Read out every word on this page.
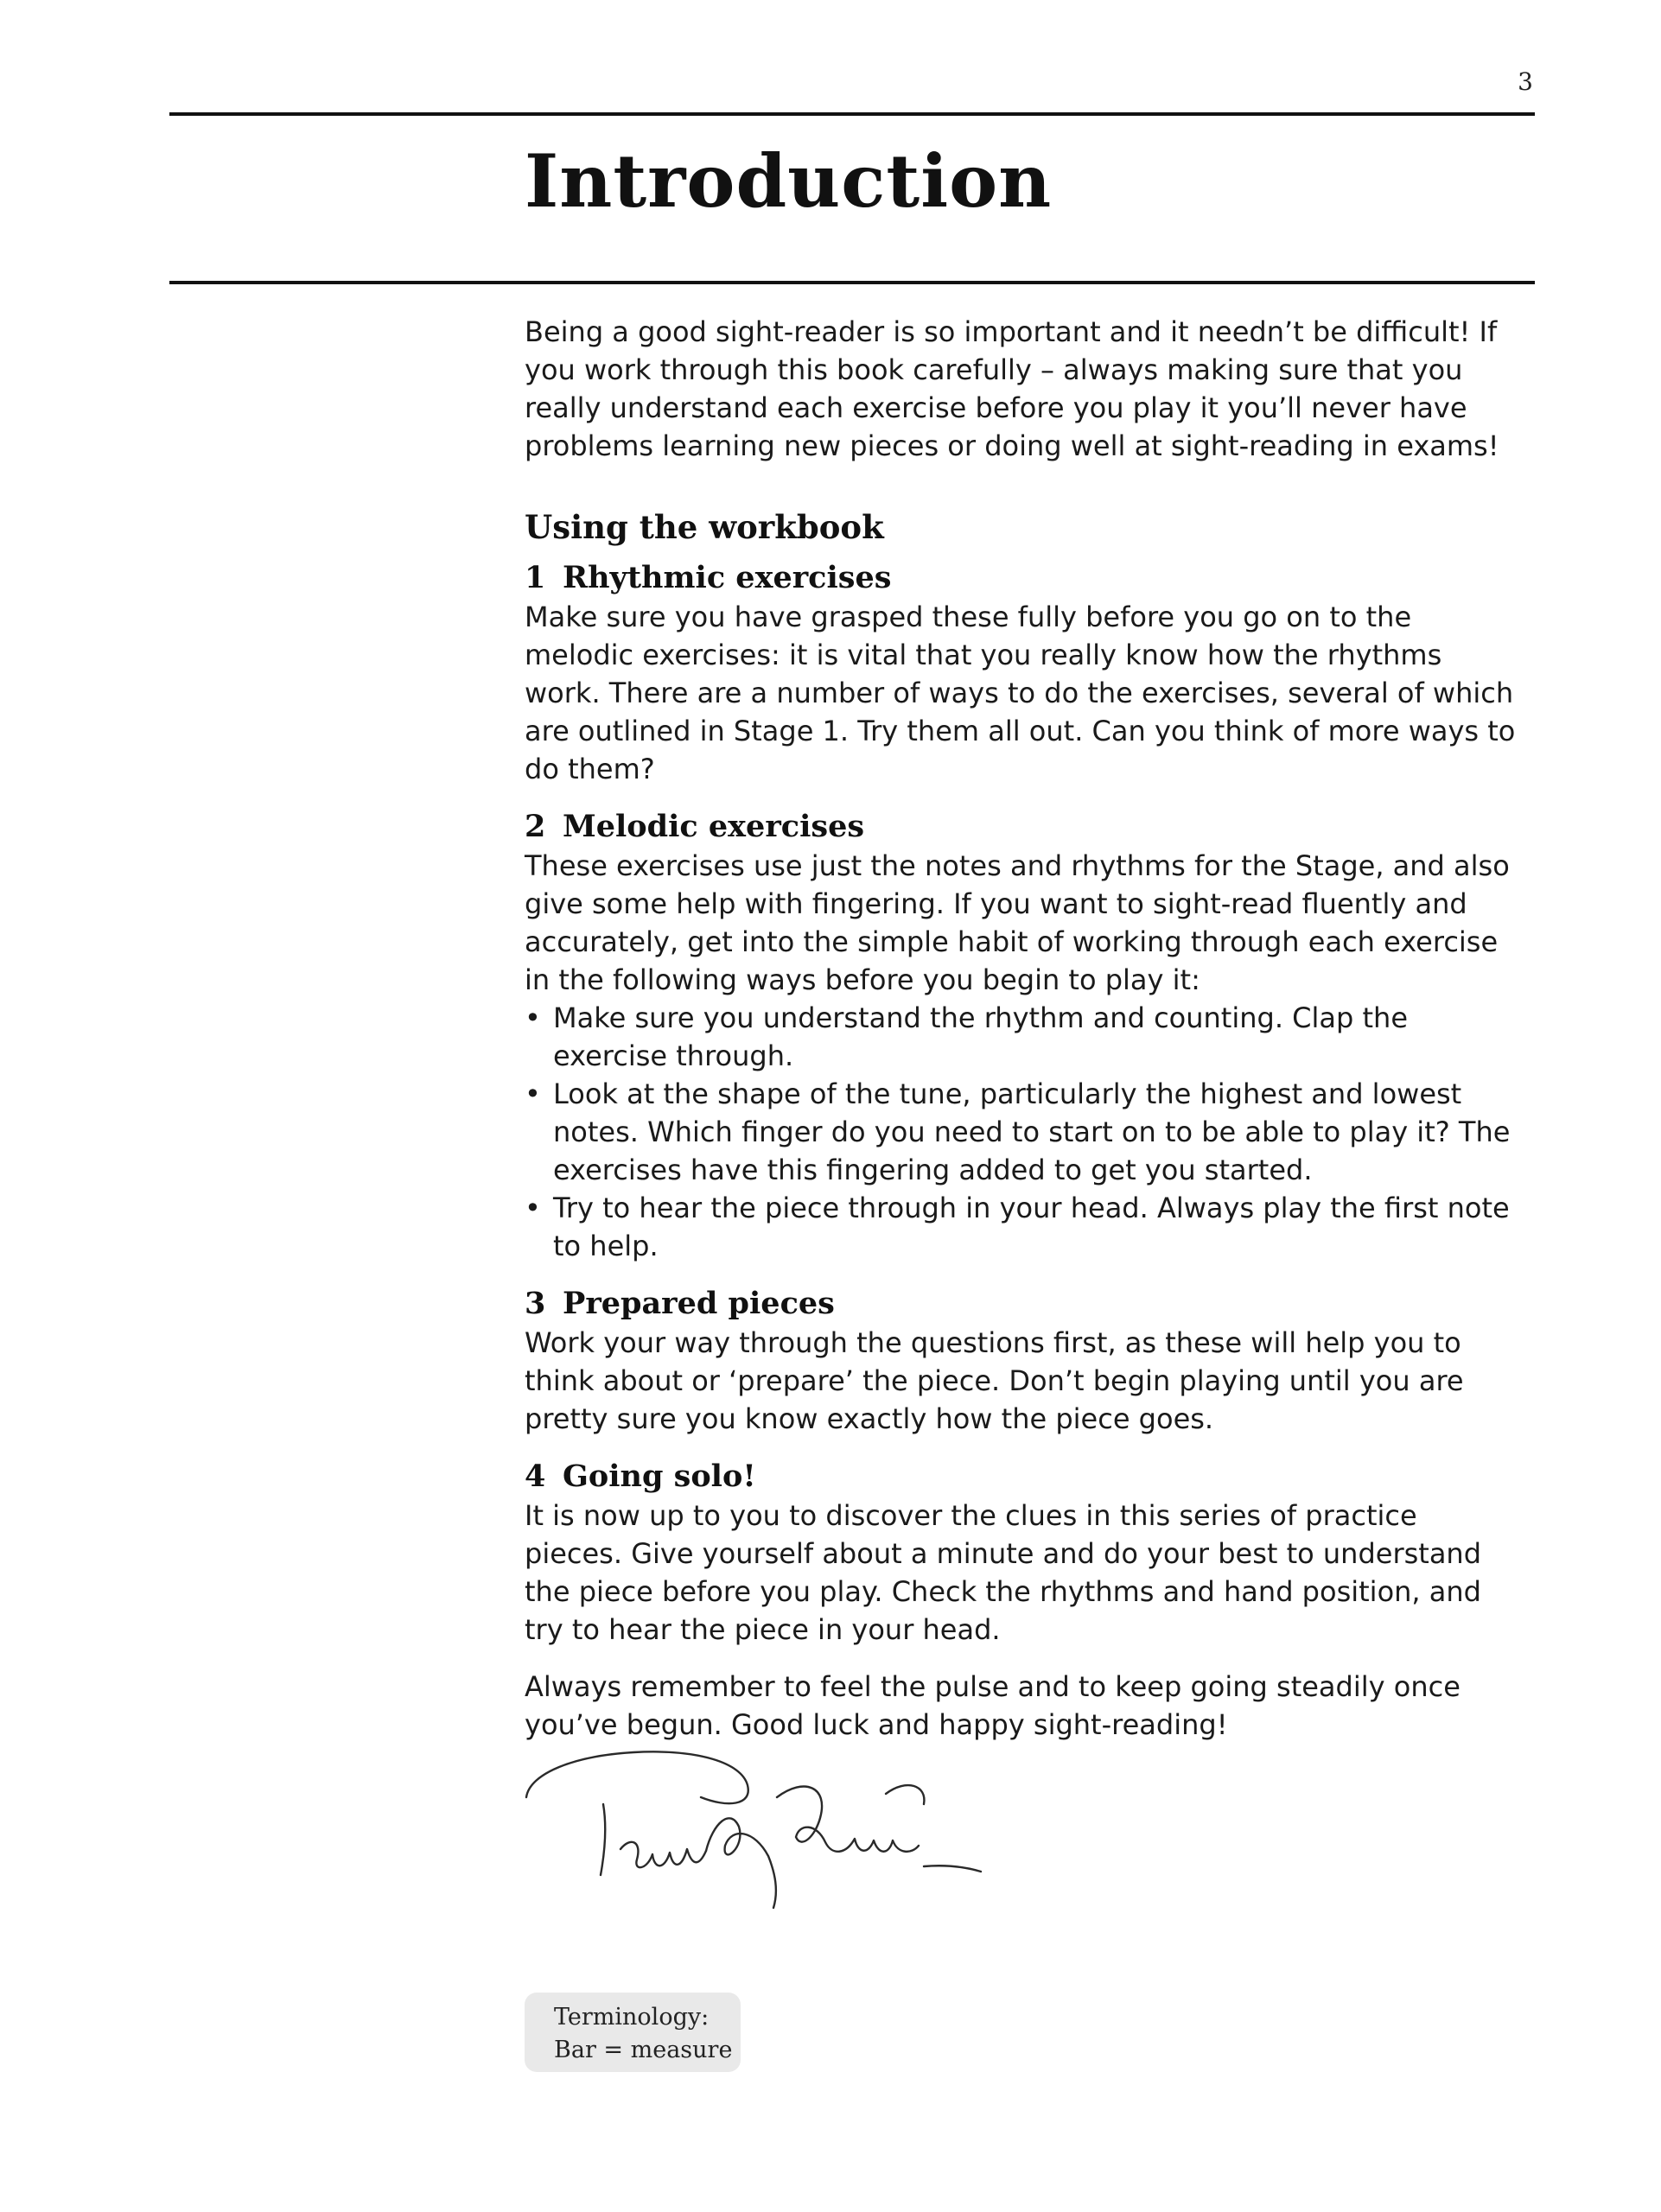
3
Introduction

Being a good sight-reader is so important and it needn’t be difficult! If you work through this book carefully – always making sure that you really understand each exercise before you play it you’ll never have problems learning new pieces or doing well at sight-reading in exams!

Using the workbook
1 Rhythmic exercises

Make sure you have grasped these fully before you go on to the melodic exercises: it is vital that you really know how the rhythms work. There are a number of ways to do the exercises, several of which are outlined in Stage 1. Try them all out. Can you think of more ways to do them?

2 Melodic exercises

These exercises use just the notes and rhythms for the Stage, and also give some help with fingering. If you want to sight-read fluently and accurately, get into the simple habit of working through each exercise in the following ways before you begin to play it:

• Make sure you understand the rhythm and counting. Clap the exercise through.
• Look at the shape of the tune, particularly the highest and lowest notes. Which finger do you need to start on to be able to play it? The exercises have this fingering added to get you started.
• Try to hear the piece through in your head. Always play the first note to help.
3 Prepared pieces

Work your way through the questions first, as these will help you to think about or ‘prepare’ the piece. Don’t begin playing until you are pretty sure you know exactly how the piece goes.

4 Going solo!

It is now up to you to discover the clues in this series of practice pieces. Give yourself about a minute and do your best to understand the piece before you play. Check the rhythms and hand position, and try to hear the piece in your head.

Always remember to feel the pulse and to keep going steadily once you’ve begun. Good luck and happy sight-reading!

Terminology:
Bar = measure
